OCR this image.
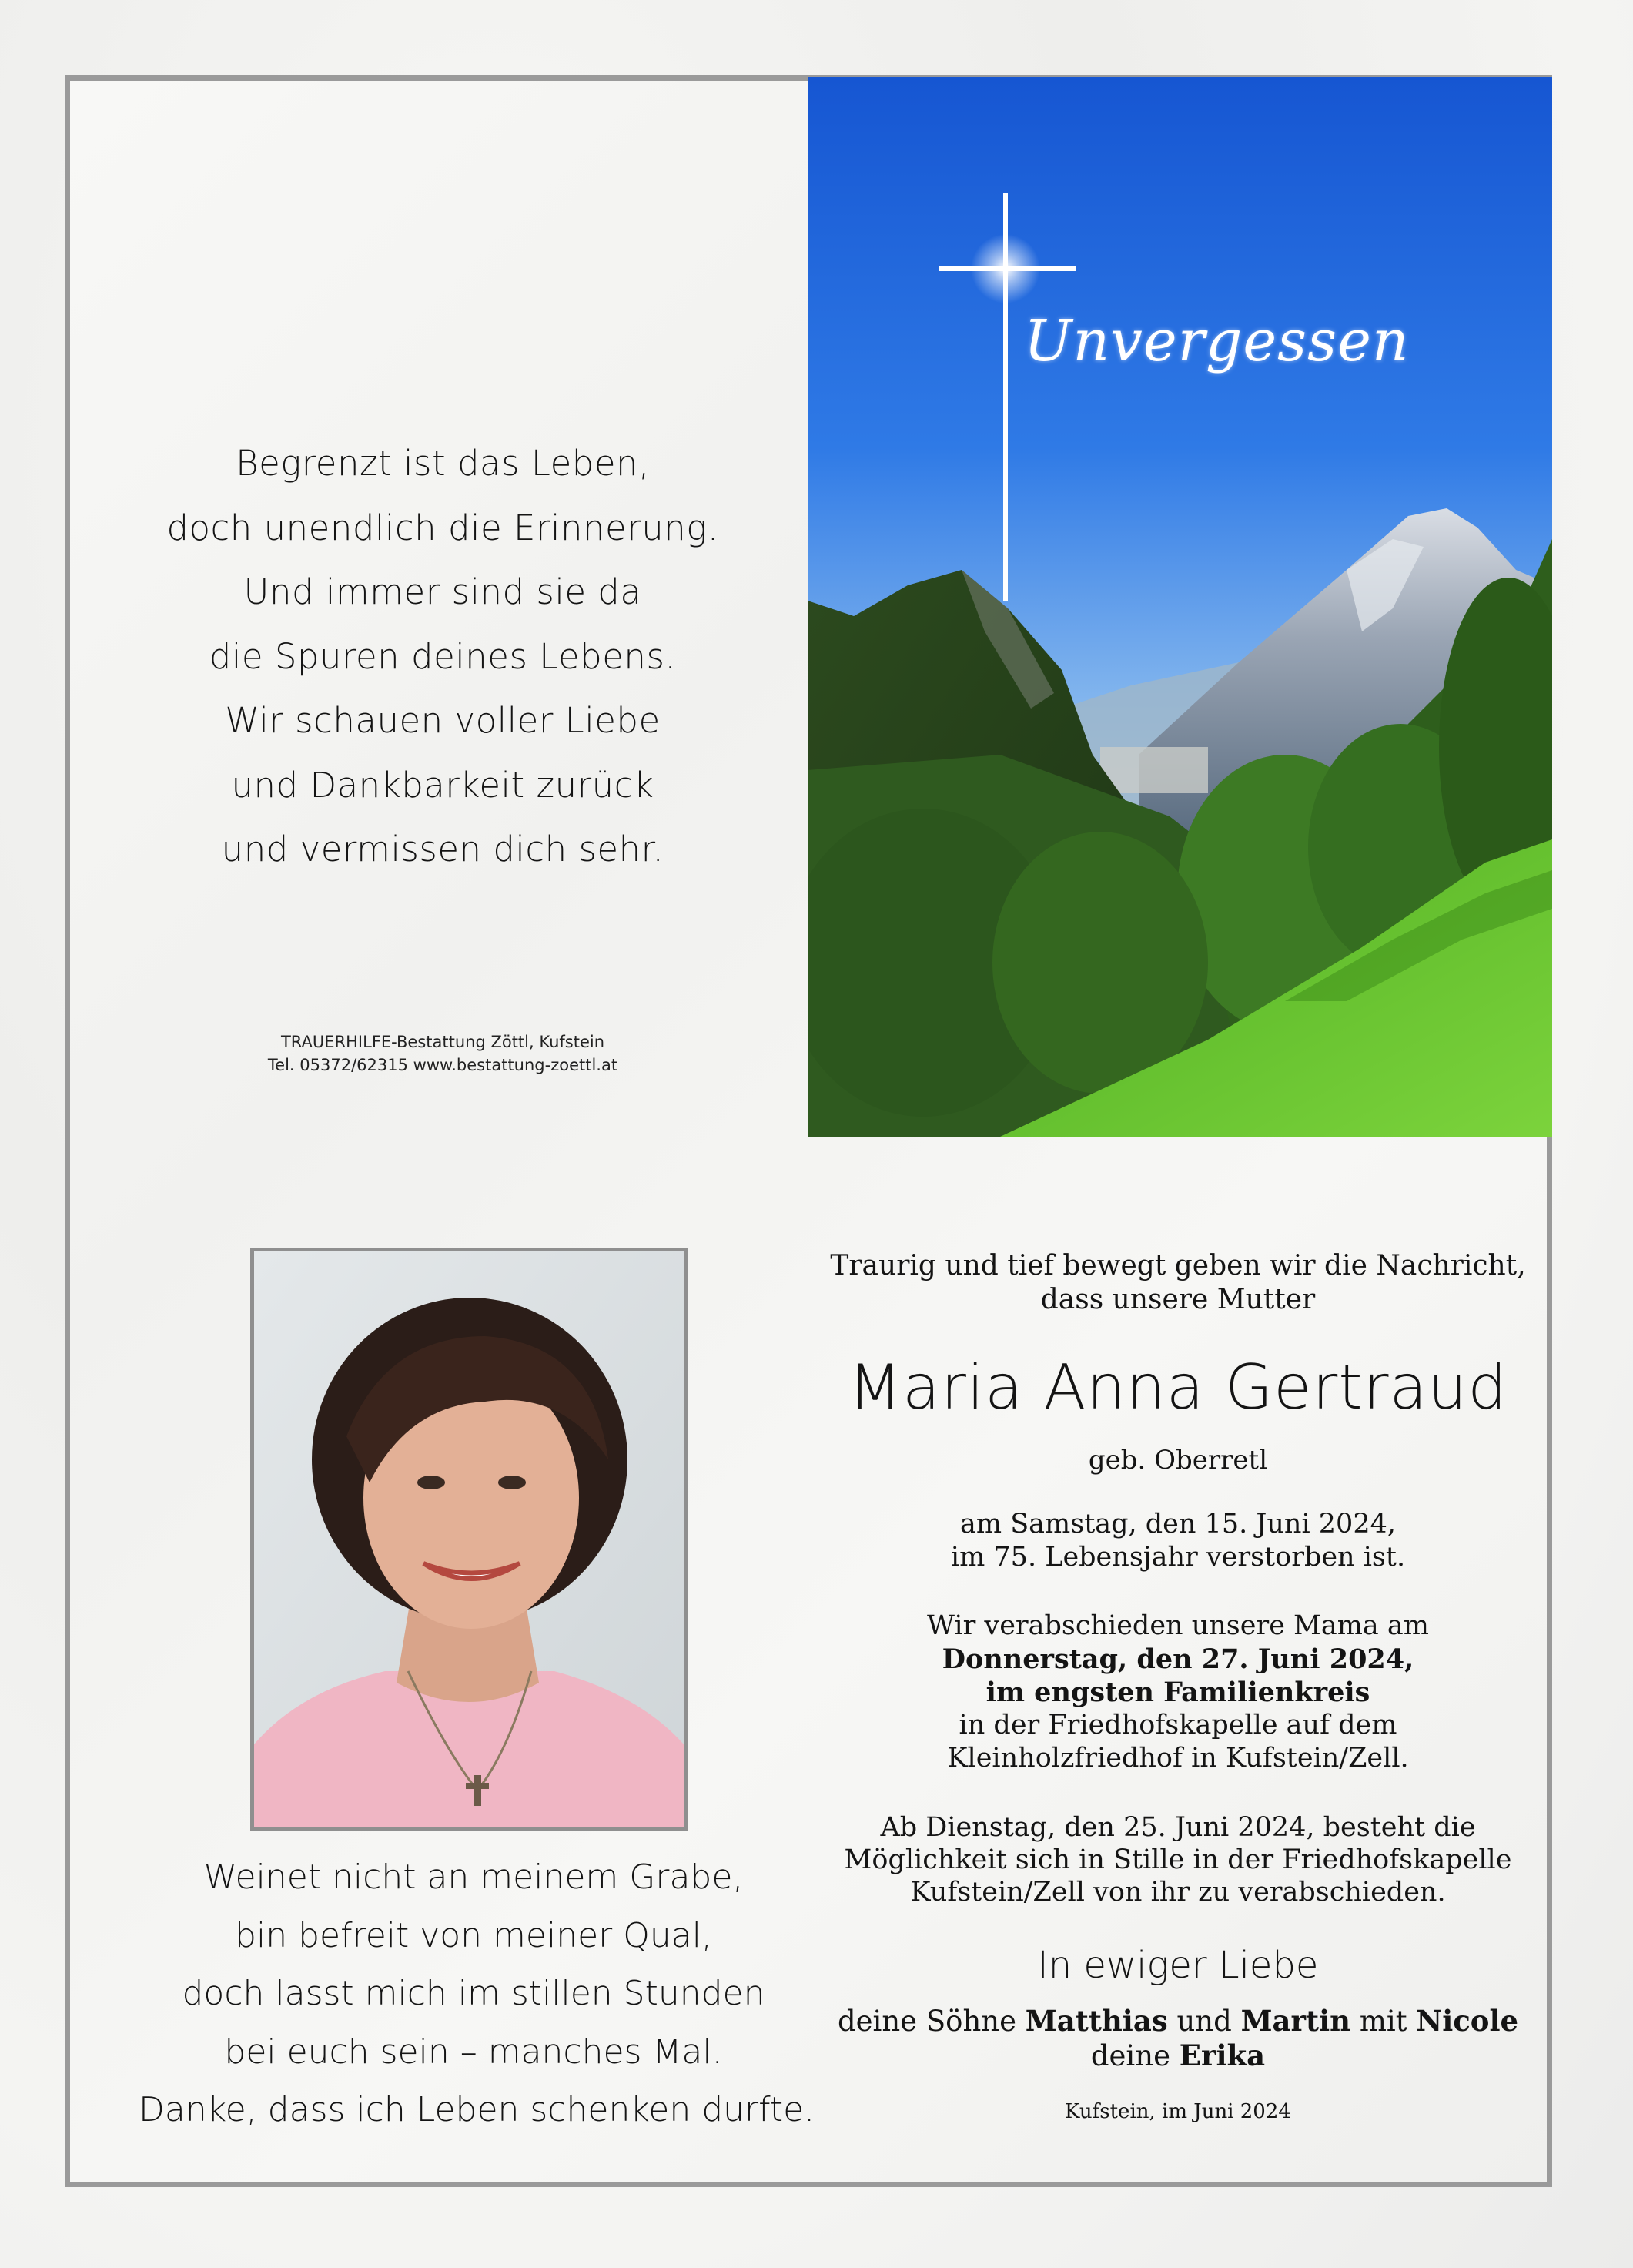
Unvergessen
Begrenzt ist das Leben,
doch unendlich die Erinnerung.
Und immer sind sie da
die Spuren deines Lebens.
Wir schauen voller Liebe
und Dankbarkeit zurück
und vermissen dich sehr.
TRAUERHILFE-Bestattung Zöttl, Kufstein
Tel. 05372/62315 www.bestattung-zoettl.at
Weinet nicht an meinem Grabe,
bin befreit von meiner Qual,
doch lasst mich im stillen Stunden
bei euch sein – manches Mal.
Danke, dass ich Leben schenken durfte.
Traurig und tief bewegt geben wir die Nachricht,
dass unsere Mutter
Maria Anna Gertraud
geb. Oberretl
am Samstag, den 15. Juni 2024,
im 75. Lebensjahr verstorben ist.
Wir verabschieden unsere Mama am
Donnerstag, den 27. Juni 2024,
im engsten Familienkreis
in der Friedhofskapelle auf dem
Kleinholzfriedhof in Kufstein/Zell.
Ab Dienstag, den 25. Juni 2024, besteht die
Möglichkeit sich in Stille in der Friedhofskapelle
Kufstein/Zell von ihr zu verabschieden.
In ewiger Liebe
deine Söhne Matthias und Martin mit Nicole
deine Erika
Kufstein, im Juni 2024
